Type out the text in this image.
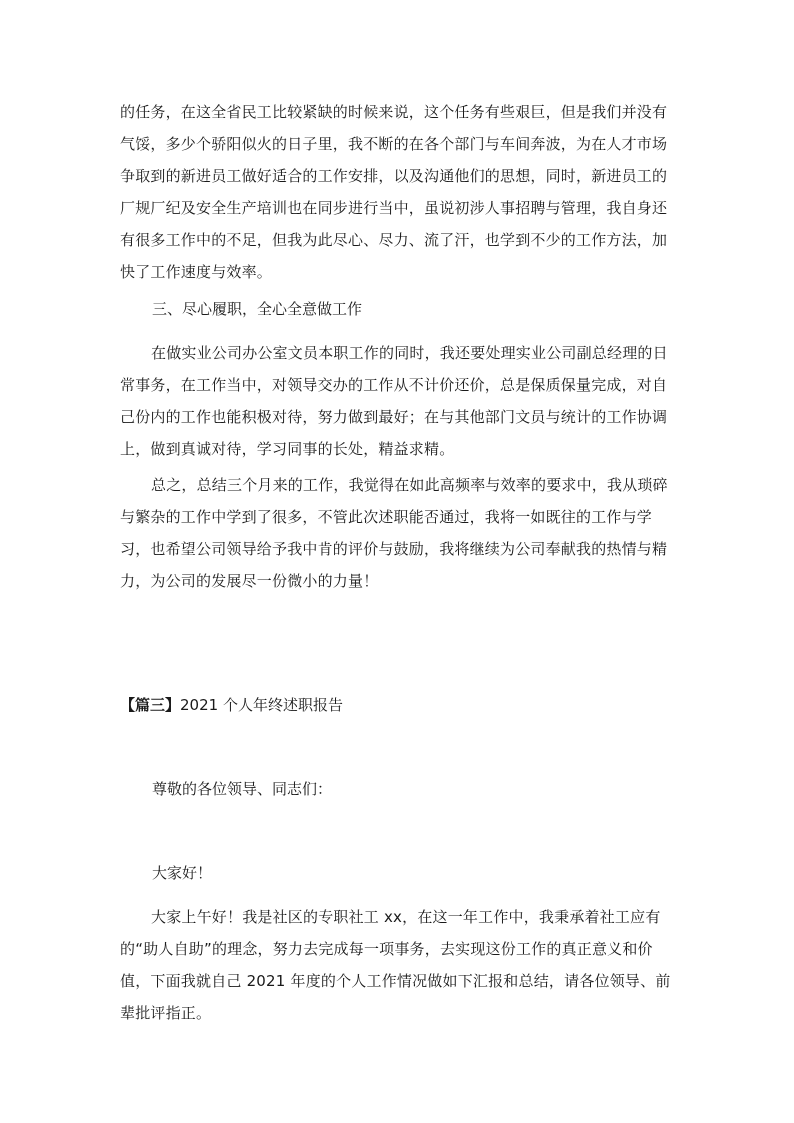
的任务，在这全省民工比较紧缺的时候来说，这个任务有些艰巨，但是我们并没有气馁，多少个骄阳似火的日子里，我不断的在各个部门与车间奔波，为在人才市场争取到的新进员工做好适合的工作安排，以及沟通他们的思想，同时，新进员工的厂规厂纪及安全生产培训也在同步进行当中，虽说初涉人事招聘与管理，我自身还有很多工作中的不足，但我为此尽心、尽力、流了汗，也学到不少的工作方法，加快了工作速度与效率。

三、尽心履职，全心全意做工作

在做实业公司办公室文员本职工作的同时，我还要处理实业公司副总经理的日常事务，在工作当中，对领导交办的工作从不计价还价，总是保质保量完成，对自己份内的工作也能积极对待，努力做到最好；在与其他部门文员与统计的工作协调上，做到真诚对待，学习同事的长处，精益求精。

总之，总结三个月来的工作，我觉得在如此高频率与效率的要求中，我从琐碎与繁杂的工作中学到了很多，不管此次述职能否通过，我将一如既往的工作与学习，也希望公司领导给予我中肯的评价与鼓励，我将继续为公司奉献我的热情与精力，为公司的发展尽一份微小的力量！

【篇三】2021 个人年终述职报告

尊敬的各位领导、同志们：

大家好！

大家上午好！我是社区的专职社工 xx，在这一年工作中，我秉承着社工应有的“助人自助”的理念，努力去完成每一项事务，去实现这份工作的真正意义和价值，下面我就自己 2021 年度的个人工作情况做如下汇报和总结，请各位领导、前辈批评指正。
